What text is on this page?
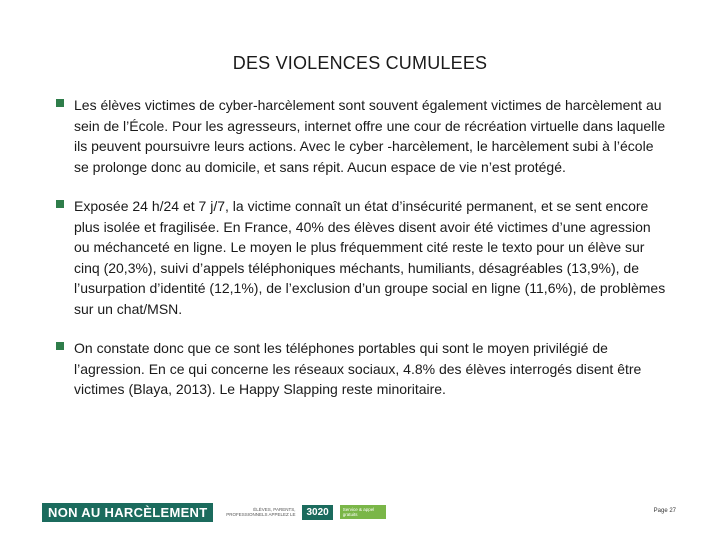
DES VIOLENCES CUMULEES
Les élèves victimes de cyber-harcèlement sont souvent également victimes de harcèlement au sein de l’École. Pour les agresseurs, internet offre une cour de récréation virtuelle dans laquelle ils peuvent poursuivre leurs actions. Avec le cyber -harcèlement, le harcèlement subi à l’école se prolonge donc au domicile, et sans répit. Aucun espace de vie n’est protégé.
Exposée 24 h/24 et 7 j/7, la victime connaît un état d’insécurité permanent, et se sent encore plus isolée et fragilisée. En France, 40% des élèves disent avoir été victimes d’une agression ou méchanceté en ligne. Le moyen le plus fréquemment cité reste le texto pour un élève sur cinq (20,3%), suivi d’appels téléphoniques méchants, humiliants, désagréables (13,9%), de l’usurpation d’identité (12,1%), de l’exclusion d’un groupe social en ligne (11,6%), de problèmes sur un chat/MSN.
On constate donc que ce sont les téléphones portables qui sont le moyen privilégié de l’agression. En ce qui concerne les réseaux sociaux, 4.8% des élèves interrogés disent être victimes (Blaya, 2013). Le Happy Slapping reste minoritaire.
NON AU HARCÈLEMENT	ÉLÈVES, PARENTS, PROFESSIONNELS APPELEZ LE	3020	Service & appel gratuits
Page 27
